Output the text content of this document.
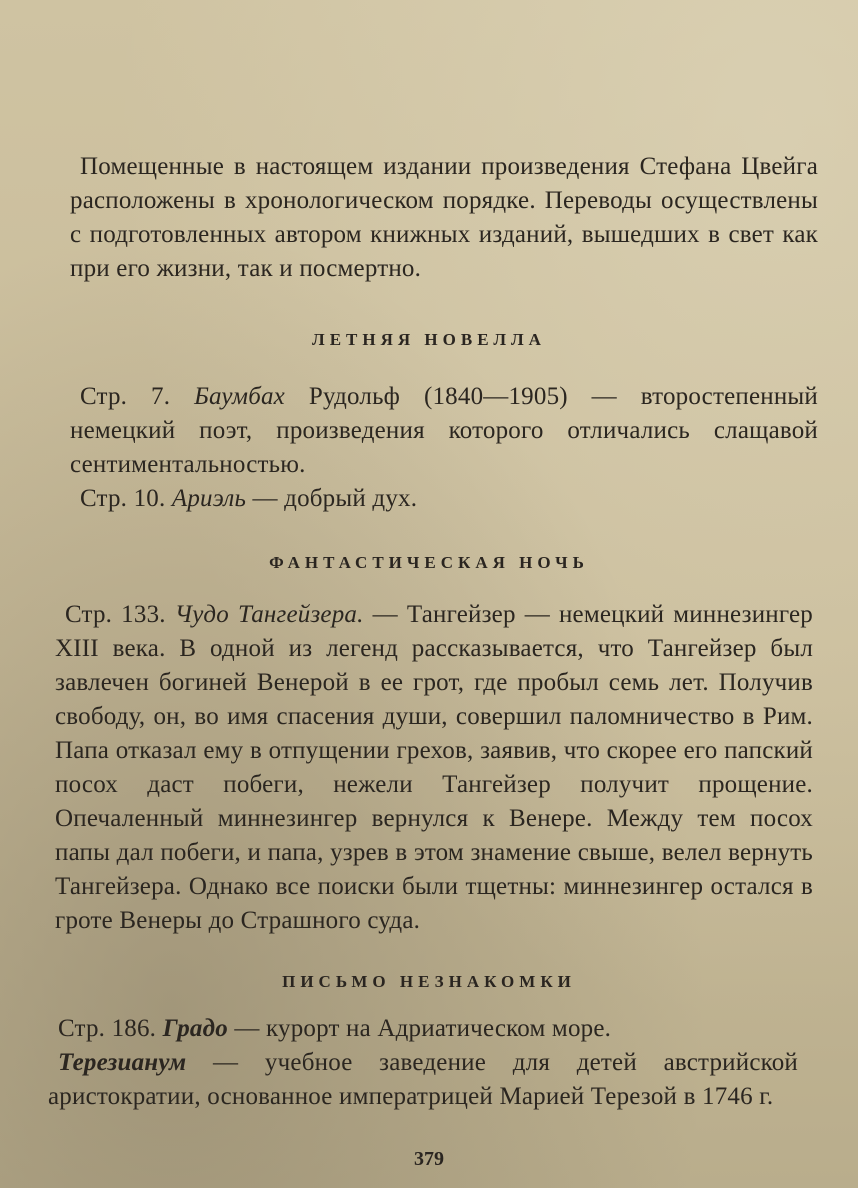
Помещенные в настоящем издании произведения Стефана Цвейга расположены в хронологическом порядке. Переводы осуществлены с подготовленных автором книжных изданий, вышедших в свет как при его жизни, так и посмертно.

ЛЕТНЯЯ НОВЕЛЛА

Стр. 7. Баумбах Рудольф (1840—1905) — второстепенный немецкий поэт, произведения которого отличались слащавой сентиментальностью.

Стр. 10. Ариэль — добрый дух.

ФАНТАСТИЧЕСКАЯ НОЧЬ

Стр. 133. Чудо Тангейзера. — Тангейзер — немецкий миннезингер XIII века. В одной из легенд рассказывается, что Тангейзер был завлечен богиней Венерой в ее грот, где пробыл семь лет. Получив свободу, он, во имя спасения души, совершил паломничество в Рим. Папа отказал ему в отпущении грехов, заявив, что скорее его папский посох даст побеги, нежели Тангейзер получит прощение. Опечаленный миннезингер вернулся к Венере. Между тем посох папы дал побеги, и папа, узрев в этом знамение свыше, велел вернуть Тангейзера. Однако все поиски были тщетны: миннезингер остался в гроте Венеры до Страшного суда.

ПИСЬМО НЕЗНАКОМКИ

Стр. 186. Градо — курорт на Адриатическом море.

Терезианум — учебное заведение для детей австрийской аристократии, основанное императрицей Марией Терезой в 1746 г.

379
